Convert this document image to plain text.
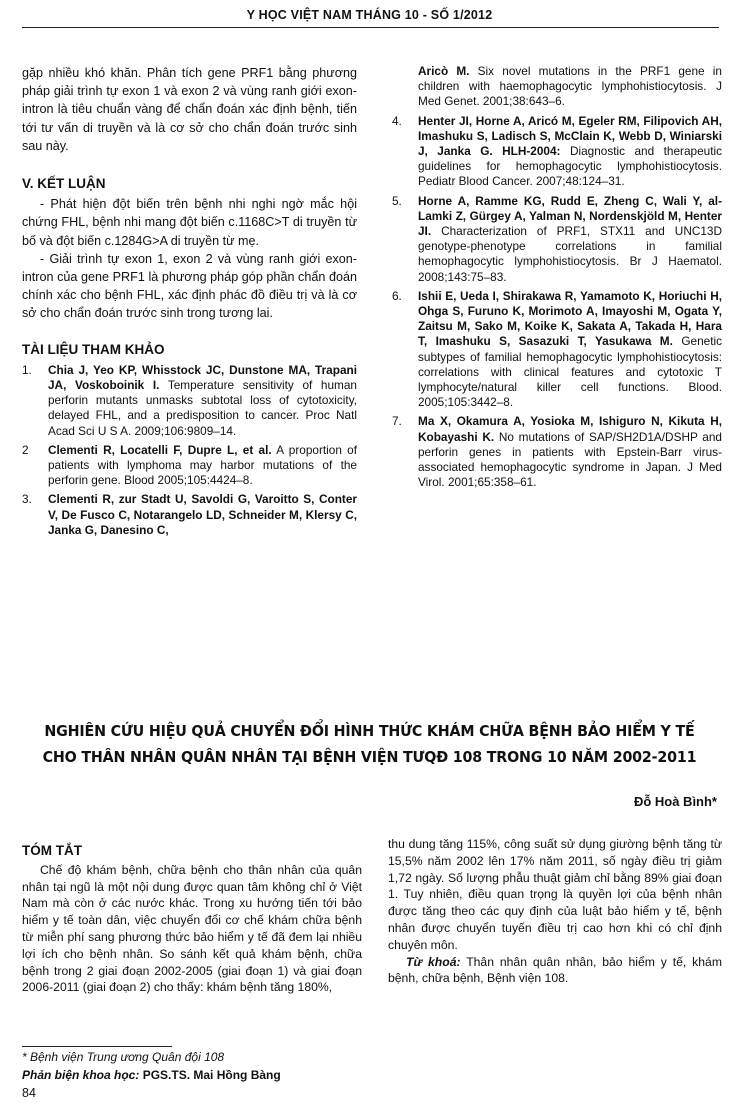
Y HỌC VIỆT NAM THÁNG 10 - SỐ 1/2012

gặp nhiều khó khăn. Phân tích gene PRF1 bằng phương pháp giải trình tự exon 1 và exon 2 và vùng ranh giới exon- intron là tiêu chuẩn vàng để chẩn đoán xác định bệnh, tiến tới tư vấn di truyền và là cơ sở cho chẩn đoán trước sinh sau này.

V. KẾT LUẬN

- Phát hiện đột biến trên bệnh nhi nghi ngờ mắc hội chứng FHL, bệnh nhi mang đột biến c.1168C>T di truyền từ bố và đột biến c.1284G>A di truyền từ mẹ.

- Giải trình tự exon 1, exon 2 và vùng ranh giới exon-intron của gene PRF1 là phương pháp góp phần chẩn đoán chính xác cho bệnh FHL, xác định phác đồ điều trị và là cơ sở cho chẩn đoán trước sinh trong tương lai.

TÀI LIỆU THAM KHẢO
1.	Chia J, Yeo KP, Whisstock JC, Dunstone MA, Trapani JA, Voskoboinik I. Temperature sensitivity of human perforin mutants unmasks subtotal loss of cytotoxicity, delayed FHL, and a predisposition to cancer. Proc Natl Acad Sci U S A. 2009;106:9809–14.
2	Clementi R, Locatelli F, Dupre L, et al. A proportion of patients with lymphoma may harbor mutations of the perforin gene. Blood 2005;105:4424–8.
3.	Clementi R, zur Stadt U, Savoldi G, Varoitto S, Conter V, De Fusco C, Notarangelo LD, Schneider M, Klersy C, Janka G, Danesino C,
Aricò M. Six novel mutations in the PRF1 gene in children with haemophagocytic lymphohistiocytosis. J Med Genet. 2001;38:643–6.
4.	Henter JI, Horne A, Aricó M, Egeler RM, Filipovich AH, Imashuku S, Ladisch S, McClain K, Webb D, Winiarski J, Janka G. HLH-2004: Diagnostic and therapeutic guidelines for hemophagocytic lymphohistiocytosis. Pediatr Blood Cancer. 2007;48:124–31.
5.	Horne A, Ramme KG, Rudd E, Zheng C, Wali Y, al-Lamki Z, Gürgey A, Yalman N, Nordenskjöld M, Henter JI. Characterization of PRF1, STX11 and UNC13D genotype-phenotype correlations in familial hemophagocytic lymphohistiocytosis. Br J Haematol. 2008;143:75–83.
6.	Ishii E, Ueda I, Shirakawa R, Yamamoto K, Horiuchi H, Ohga S, Furuno K, Morimoto A, Imayoshi M, Ogata Y, Zaitsu M, Sako M, Koike K, Sakata A, Takada H, Hara T, Imashuku S, Sasazuki T, Yasukawa M. Genetic subtypes of familial hemophagocytic lymphohistiocytosis: correlations with clinical features and cytotoxic T lymphocyte/natural killer cell functions. Blood. 2005;105:3442–8.
7.	Ma X, Okamura A, Yosioka M, Ishiguro N, Kikuta H, Kobayashi K. No mutations of SAP/SH2D1A/DSHP and perforin genes in patients with Epstein-Barr virus-associated hemophagocytic syndrome in Japan. J Med Virol. 2001;65:358–61.
NGHIÊN CỨU HIỆU QUẢ CHUYỂN ĐỔI HÌNH THỨC KHÁM CHỮA BỆNH BẢO HIỂM Y TẾ
CHO THÂN NHÂN QUÂN NHÂN TẠI BỆNH VIỆN TƯQĐ 108 TRONG 10 NĂM 2002-2011
Đỗ Hoà Bình*
TÓM TẮT

Chế độ khám bệnh, chữa bệnh cho thân nhân của quân nhân tại ngũ là một nội dung được quan tâm không chỉ ở Việt Nam mà còn ở các nước khác. Trong xu hướng tiến tới bảo hiểm y tế toàn dân, việc chuyển đổi cơ chế khám chữa bệnh từ miễn phí sang phương thức bảo hiểm y tế đã đem lại nhiều lợi ích cho bệnh nhân. So sánh kết quả khám bệnh, chữa bệnh trong 2 giai đoạn 2002-2005 (giai đoạn 1) và giai đoạn 2006-2011 (giai đoạn 2) cho thấy: khám bệnh tăng 180%,

thu dung tăng 115%, công suất sử dụng giường bệnh tăng từ 15,5% năm 2002 lên 17% năm 2011, số ngày điều trị giảm 1,72 ngày. Số lượng phẫu thuật giảm chỉ bằng 89% giai đoạn 1. Tuy nhiên, điều quan trọng là quyền lợi của bệnh nhân được tăng theo các quy định của luật bảo hiểm y tế, bệnh nhân được chuyển tuyến điều trị cao hơn khi có chỉ định chuyên môn.

Từ khoá: Thân nhân quân nhân, bảo hiểm y tế, khám bệnh, chữa bệnh, Bệnh viện 108.

* Bệnh viện Trung ương Quân đội 108
Phản biện khoa học: PGS.TS. Mai Hồng Bàng
84
